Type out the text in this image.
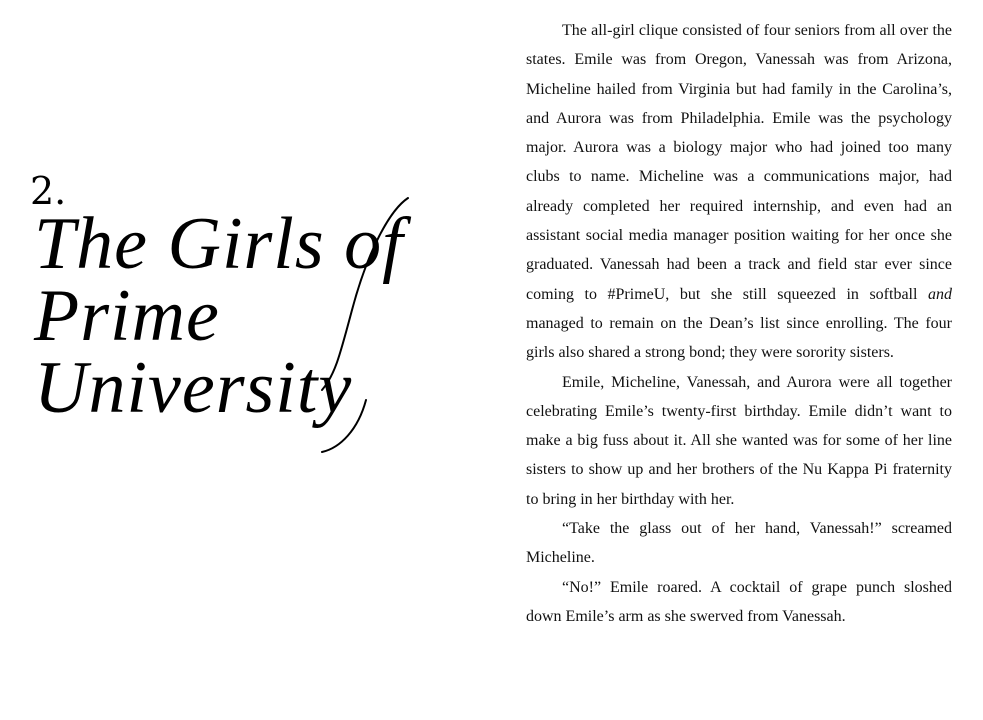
2.
The Girls of
Prime
University

The all-girl clique consisted of four seniors from all over the states. Emile was from Oregon, Vanessah was from Arizona, Micheline hailed from Virginia but had family in the Carolina’s, and Aurora was from Philadelphia. Emile was the psychology major. Aurora was a biology major who had joined too many clubs to name. Micheline was a communications major, had already completed her required internship, and even had an assistant social media manager position waiting for her once she graduated. Vanessah had been a track and field star ever since coming to #PrimeU, but she still squeezed in softball and managed to remain on the Dean’s list since enrolling. The four girls also shared a strong bond; they were sorority sisters.

Emile, Micheline, Vanessah, and Aurora were all together celebrating Emile’s twenty-first birthday. Emile didn’t want to make a big fuss about it. All she wanted was for some of her line sisters to show up and her brothers of the Nu Kappa Pi fraternity to bring in her birthday with her.

“Take the glass out of her hand, Vanessah!” screamed Micheline.

“No!” Emile roared. A cocktail of grape punch sloshed down Emile’s arm as she swerved from Vanessah.
